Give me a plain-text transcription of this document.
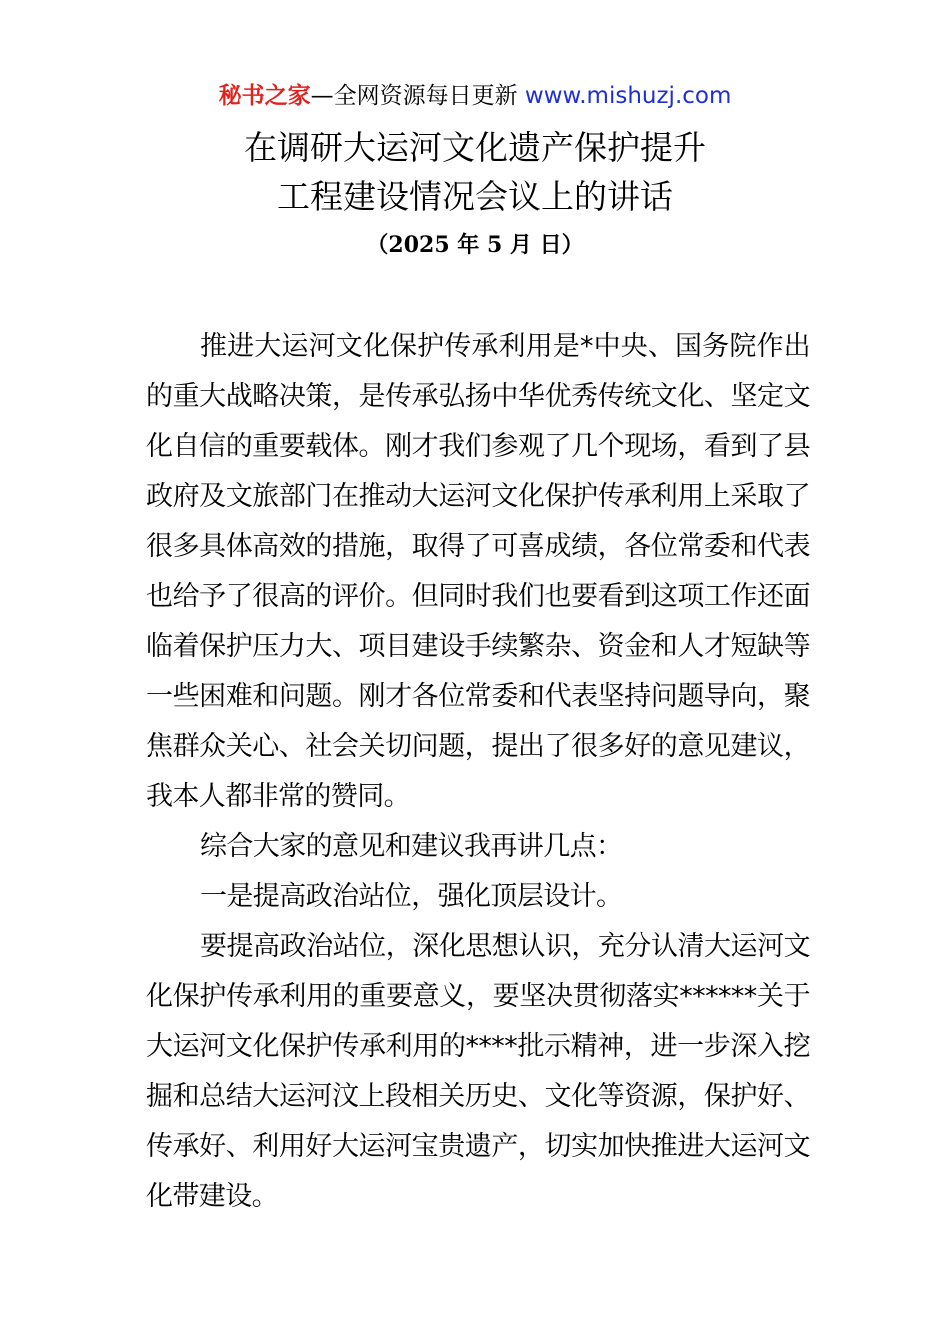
秘书之家—全网资源每日更新 www.mishuzj.com
在调研大运河文化遗产保护提升
工程建设情况会议上的讲话
（2025 年 5 月 日）

推进大运河文化保护传承利用是*中央、国务院作出的重大战略决策，是传承弘扬中华优秀传统文化、坚定文化自信的重要载体。刚才我们参观了几个现场，看到了县政府及文旅部门在推动大运河文化保护传承利用上采取了很多具体高效的措施，取得了可喜成绩，各位常委和代表也给予了很高的评价。但同时我们也要看到这项工作还面临着保护压力大、项目建设手续繁杂、资金和人才短缺等一些困难和问题。刚才各位常委和代表坚持问题导向，聚焦群众关心、社会关切问题，提出了很多好的意见建议，我本人都非常的赞同。

综合大家的意见和建议我再讲几点：

一是提高政治站位，强化顶层设计。

要提高政治站位，深化思想认识，充分认清大运河文化保护传承利用的重要意义，要坚决贯彻落实******关于大运河文化保护传承利用的****批示精神，进一步深入挖掘和总结大运河汶上段相关历史、文化等资源，保护好、传承好、利用好大运河宝贵遗产，切实加快推进大运河文化带建设。
